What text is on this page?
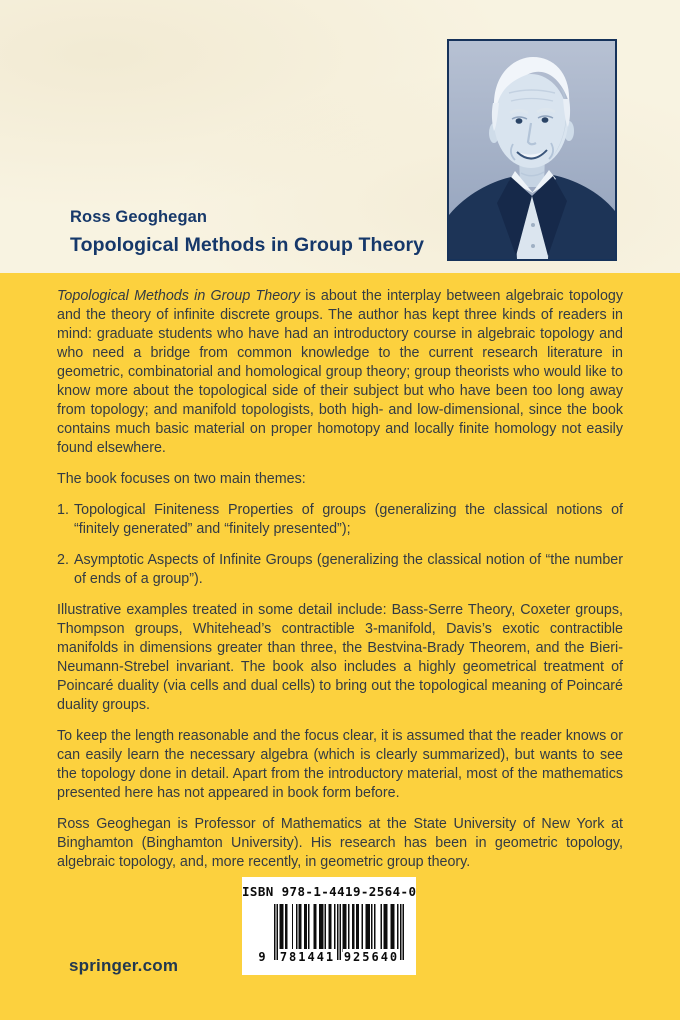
Ross Geoghegan
Topological Methods in Group Theory

Topological Methods in Group Theory is about the interplay between algebraic topology and the theory of infinite discrete groups. The author has kept three kinds of readers in mind: graduate students who have had an introductory course in algebraic topology and who need a bridge from common knowledge to the current research literature in geometric, combinatorial and homological group theory; group theorists who would like to know more about the topological side of their subject but who have been too long away from topology; and manifold topologists, both high- and low-dimensional, since the book contains much basic material on proper homotopy and locally finite homology not easily found elsewhere.

The book focuses on two main themes:

1. Topological Finiteness Properties of groups (generalizing the classical notions of “finitely generated” and “finitely presented”);
2. Asymptotic Aspects of Infinite Groups (generalizing the classical notion of “the number of ends of a group”).

Illustrative examples treated in some detail include: Bass-Serre Theory, Coxeter groups, Thompson groups, Whitehead’s contractible 3-manifold, Davis’s exotic contractible manifolds in dimensions greater than three, the Bestvina-Brady Theorem, and the Bieri-Neumann-Strebel invariant. The book also includes a highly geometrical treatment of Poincaré duality (via cells and dual cells) to bring out the topological meaning of Poincaré duality groups.

To keep the length reasonable and the focus clear, it is assumed that the reader knows or can easily learn the necessary algebra (which is clearly summarized), but wants to see the topology done in detail. Apart from the introductory material, most of the mathematics presented here has not appeared in book form before.

Ross Geoghegan is Professor of Mathematics at the State University of New York at Binghamton (Binghamton University). His research has been in geometric topology, algebraic topology, and, more recently, in geometric group theory.

ISBN 978-1-4419-2564-0
9	781441 925640
springer.com
